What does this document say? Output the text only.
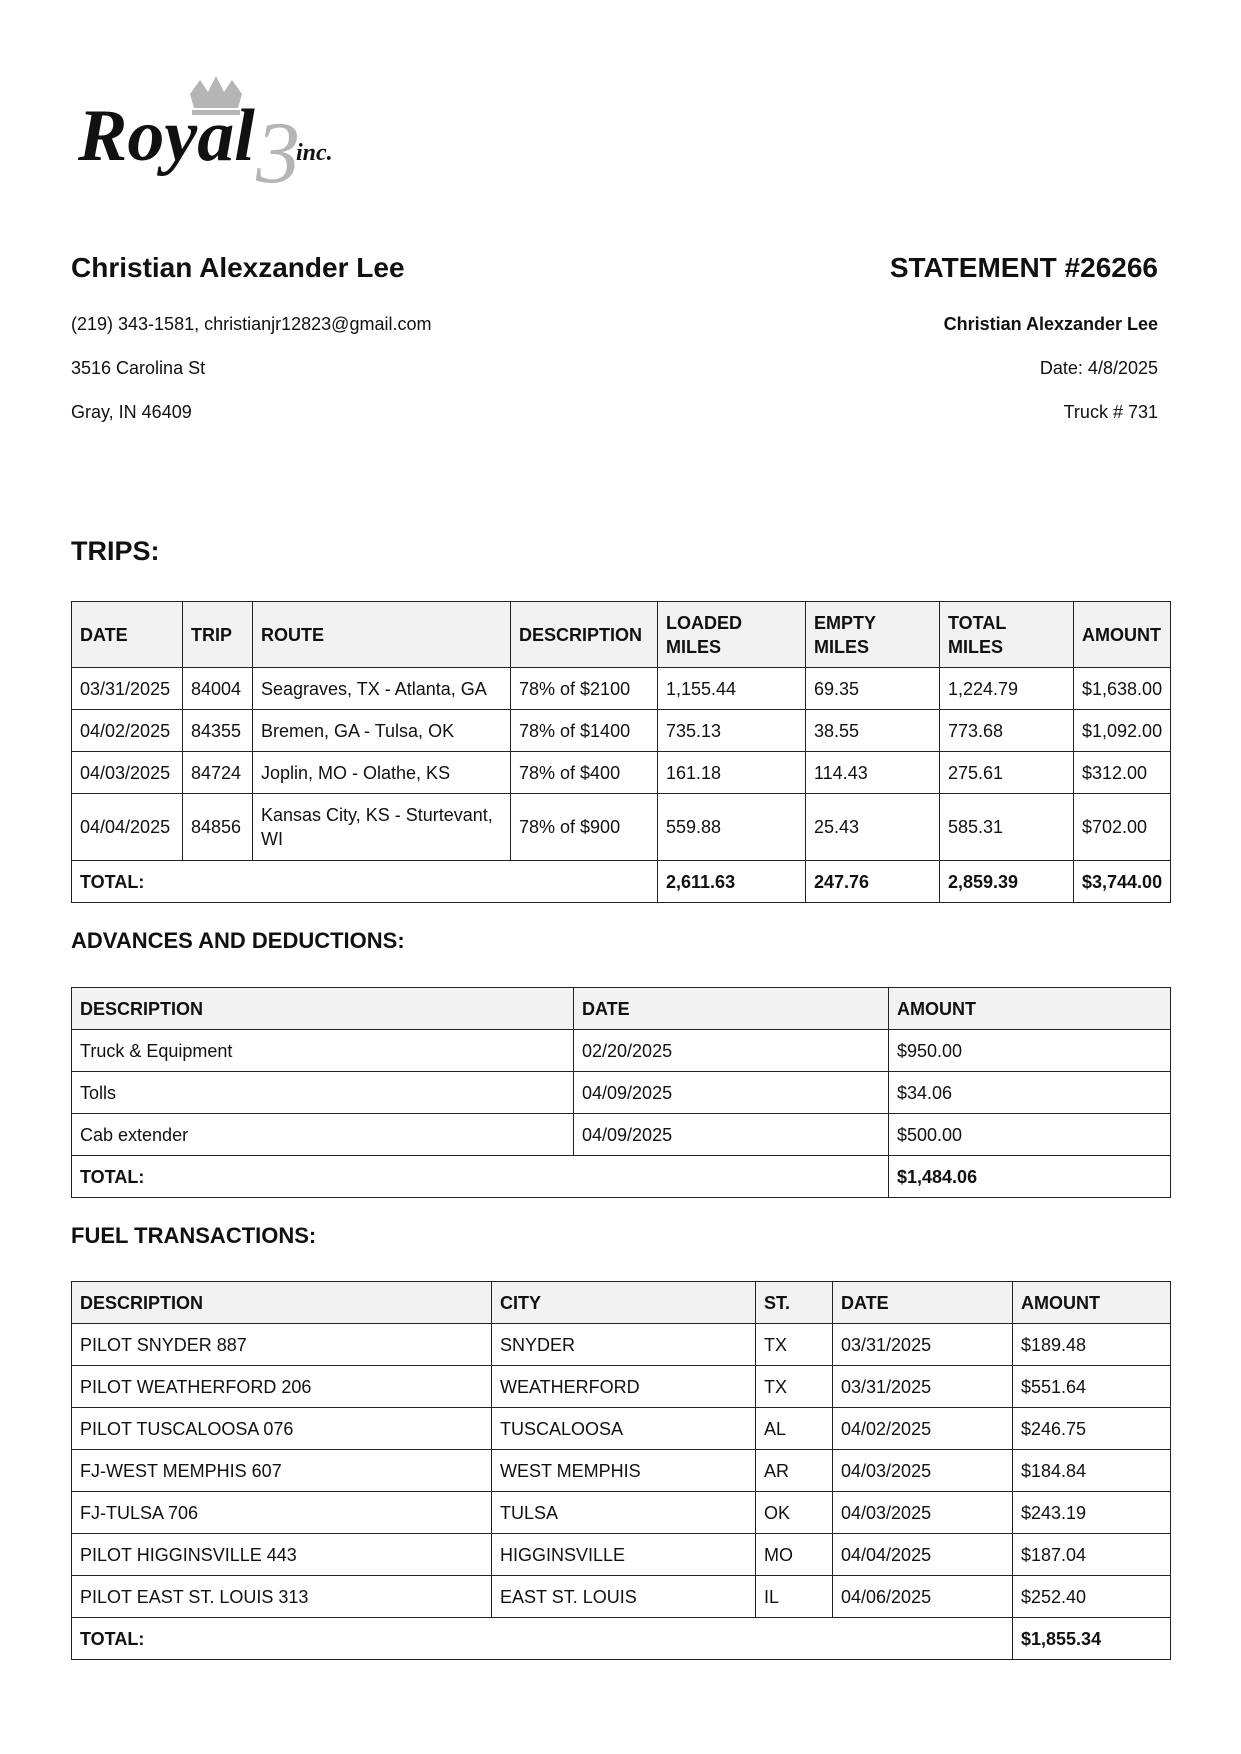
3
Royal inc.
Christian Alexzander Lee
(219) 343-1581, christianjr12823@gmail.com
3516 Carolina St
Gray, IN 46409
STATEMENT #26266
Christian Alexzander Lee
Date: 4/8/2025
Truck # 731
TRIPS:
DATE	TRIP	ROUTE	DESCRIPTION	LOADED MILES	EMPTY MILES	TOTAL MILES	AMOUNT
03/31/2025	84004	Seagraves, TX - Atlanta, GA	78% of $2100	1,155.44	69.35	1,224.79	$1,638.00
04/02/2025	84355	Bremen, GA - Tulsa, OK	78% of $1400	735.13	38.55	773.68	$1,092.00
04/03/2025	84724	Joplin, MO - Olathe, KS	78% of $400	161.18	114.43	275.61	$312.00
04/04/2025	84856	Kansas City, KS - Sturtevant, WI	78% of $900	559.88	25.43	585.31	$702.00
TOTAL:				2,611.63	247.76	2,859.39	$3,744.00
ADVANCES AND DEDUCTIONS:
DESCRIPTION	DATE	AMOUNT
Truck & Equipment	02/20/2025	$950.00
Tolls	04/09/2025	$34.06
Cab extender	04/09/2025	$500.00
TOTAL:		$1,484.06
FUEL TRANSACTIONS:
DESCRIPTION	CITY	ST.	DATE	AMOUNT
PILOT SNYDER 887	SNYDER	TX	03/31/2025	$189.48
PILOT WEATHERFORD 206	WEATHERFORD	TX	03/31/2025	$551.64
PILOT TUSCALOOSA 076	TUSCALOOSA	AL	04/02/2025	$246.75
FJ-WEST MEMPHIS 607	WEST MEMPHIS	AR	04/03/2025	$184.84
FJ-TULSA 706	TULSA	OK	04/03/2025	$243.19
PILOT HIGGINSVILLE 443	HIGGINSVILLE	MO	04/04/2025	$187.04
PILOT EAST ST. LOUIS 313	EAST ST. LOUIS	IL	04/06/2025	$252.40
TOTAL:				$1,855.34
